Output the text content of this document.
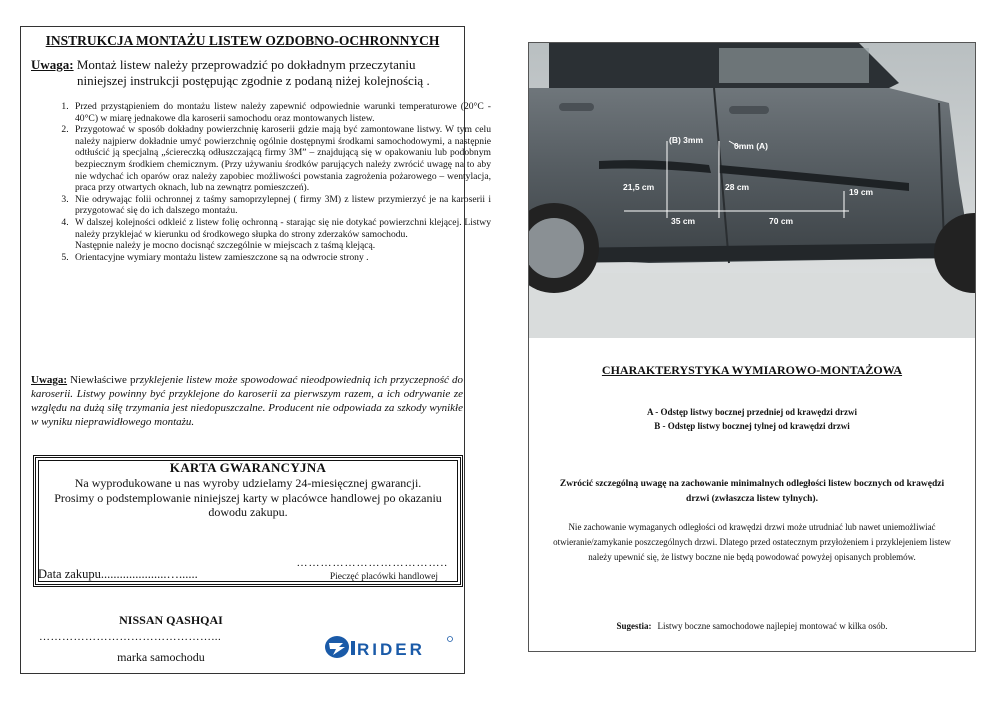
INSTRUKCJA MONTAŻU LISTEW OZDOBNO-OCHRONNYCH
Uwaga: Montaż listew należy przeprowadzić po dokładnym przeczytaniu
niniejszej instrukcji postępując zgodnie z podaną niżej kolejnością .
1. Przed przystąpieniem do montażu listew należy zapewnić odpowiednie warunki temperaturowe (20°C - 40°C) w miarę jednakowe dla karoserii samochodu oraz montowanych listew.
2. Przygotować w sposób dokładny powierzchnię karoserii gdzie mają być zamontowane listwy. W tym celu należy najpierw dokładnie umyć powierzchnię ogólnie dostępnymi środkami samochodowymi, a następnie odtłuścić ją specjalną „ściereczką odłuszczającą firmy 3M” – znajdującą się w opakowaniu lub podobnym bezpiecznym środkiem chemicznym. (Przy używaniu środków parujących należy zwrócić uwagę na to aby nie wdychać ich oparów oraz należy zapobiec możliwości powstania zagrożenia pożarowego – wentylacja, praca przy otwartych oknach, lub na zewnątrz pomieszczeń).
3. Nie odrywając folii ochronnej z taśmy samoprzylepnej ( firmy 3M) z listew przymierzyć je na karoserii i przygotować się do ich dalszego montażu.
4. W dalszej kolejności odkleić z listew folię ochronną - starając się nie dotykać powierzchni klejącej. Listwy należy przyklejać w kierunku od środkowego słupka do strony zderzaków samochodu.
Następnie należy je mocno docisnąć szczególnie w miejscach z taśmą klejącą.
5. Orientacyjne wymiary montażu listew zamieszczone są na odwrocie strony .
Uwaga: Niewłaściwe przyklejenie listew może spowodować nieodpowiednią ich przyczepność do karoserii. Listwy powinny być przyklejone do karoserii za pierwszym razem, a ich odrywanie ze względu na dużą siłę trzymania jest niedopuszczalne. Producent nie odpowiada za szkody wynikłe w wyniku nieprawidłowego montażu.
KARTA GWARANCYJNA
Na wyprodukowane u nas wyroby udzielamy 24-miesięcznej gwarancji.
Prosimy o podstemplowanie niniejszej karty w placówce handlowej po okazaniu dowodu zakupu.
………………………………..
Data zakupu.....................…......	Pieczęć placówki handlowej
NISSAN QASHQAI
………………………………………...
marka samochodu	RIDER
(B) 3mm
0mm (A)
21,5 cm	28 cm	19 cm
35 cm	70 cm
CHARAKTERYSTYKA WYMIAROWO-MONTAŻOWA
A - Odstęp listwy bocznej przedniej od krawędzi drzwi
B - Odstęp listwy bocznej tylnej od krawędzi drzwi
Zwrócić szczególną uwagę na zachowanie minimalnych odległości listew bocznych od krawędzi drzwi (zwłaszcza listew tylnych).
Nie zachowanie wymaganych odległości od krawędzi drzwi może utrudniać lub nawet uniemożliwiać otwieranie/zamykanie poszczególnych drzwi. Dlatego przed ostatecznym przyłożeniem i przyklejeniem listew należy upewnić się, że listwy boczne nie będą powodować powyżej opisanych problemów.
Sugestia: Listwy boczne samochodowe najlepiej montować w kilka osób.
